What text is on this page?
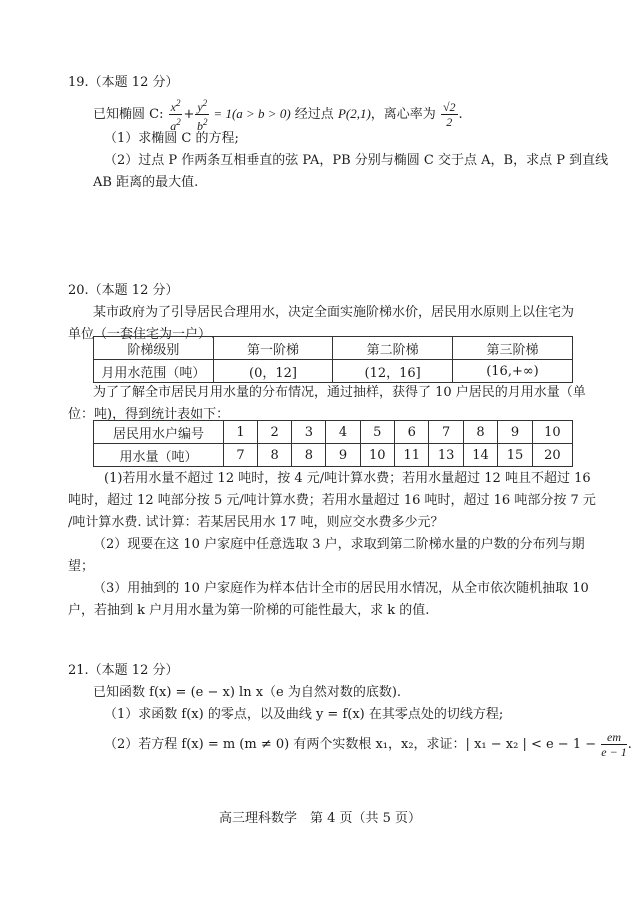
19.（本题 12 分）
已知椭圆 C: $\frac{x^2}{a^2} + \frac{y^2}{b^2} = 1(a > b > 0)$ 经过点 P(2,1)，离心率为 $\frac{√2}{2}$ .
（1）求椭圆 C 的方程;
（2）过点 P 作两条互相垂直的弦 PA，PB 分别与椭圆 C 交于点 A，B，求点 P 到直线
AB 距离的最大值.
20.（本题 12 分）
某市政府为了引导居民合理用水，决定全面实施阶梯水价，居民用水原则上以住宅为
单位（一套住宅为一户）.
阶梯级别	第一阶梯	第二阶梯	第三阶梯
月用水范围（吨）	(0，12]	(12，16]	(16,+∞)
为了了解全市居民月用水量的分布情况，通过抽样，获得了 10 户居民的月用水量（单
位：吨)，得到统计表如下：
居民用水户编号	1	2	3	4	5	6	7	8	9	10
用水量（吨）	7	8	8	9	10	11	13	14	15	20
(1)若用水量不超过 12 吨时，按 4 元/吨计算水费；若用水量超过 12 吨且不超过 16
吨时，超过 12 吨部分按 5 元/吨计算水费；若用水量超过 16 吨时，超过 16 吨部分按 7 元
/吨计算水费. 试计算：若某居民用水 17 吨，则应交水费多少元？
（2）现要在这 10 户家庭中任意选取 3 户，求取到第二阶梯水量的户数的分布列与期
望；
（3）用抽到的 10 户家庭作为样本估计全市的居民用水情况，从全市依次随机抽取 10
户，若抽到 k 户月用水量为第一阶梯的可能性最大，求 k 的值.
21.（本题 12 分）
已知函数 f(x) = (e − x) ln x（e 为自然对数的底数).
（1）求函数 f(x) 的零点，以及曲线 y = f(x) 在其零点处的切线方程;
（2）若方程 f(x) = m (m ≠ 0) 有两个实数根 x₁，x₂，求证：| x₁ − x₂ | < $e - 1 - \frac{em}{e - 1}$ .
高三理科数学　第 4 页（共 5 页）
